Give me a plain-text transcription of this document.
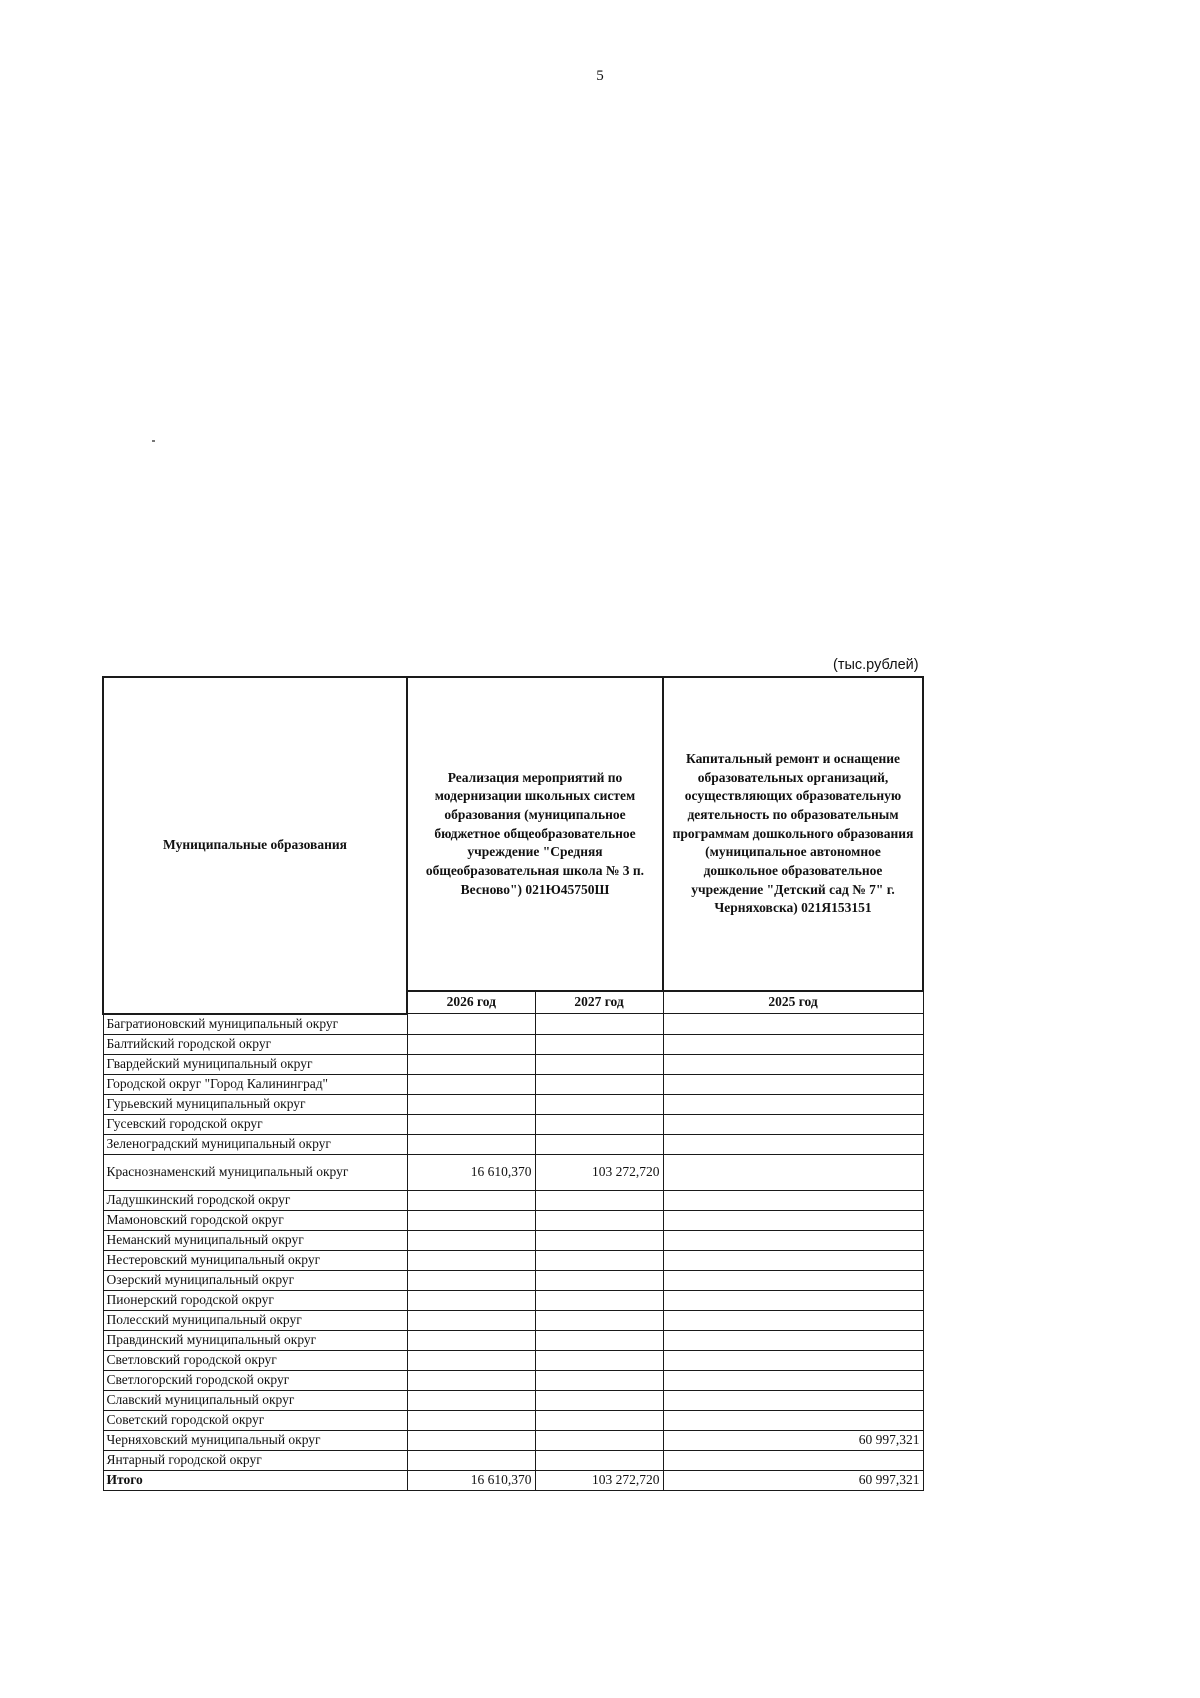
5
(тыс.рублей)
Муниципальные образования	Реализация мероприятий по модернизации школьных систем образования (муниципальное бюджетное общеобразовательное учреждение "Средняя общеобразовательная школа № 3 п. Весново") 021Ю45750Ш		Капитальный ремонт и оснащение образовательных организаций, осуществляющих образовательную деятельность по образовательным программам дошкольного образования (муниципальное автономное дошкольное образовательное учреждение "Детский сад № 7" г. Черняховска) 021Я153151

	2026 год	2027 год	2025 год
Багратионовский муниципальный округ			
Балтийский городской округ			
Гвардейский муниципальный округ			
Городской округ "Город Калининград"			
Гурьевский муниципальный округ			
Гусевский городской округ			
Зеленоградский муниципальный округ			
Краснознаменский муниципальный округ	16 610,370	103 272,720	
Ладушкинский городской округ			
Мамоновский городской округ			
Неманский муниципальный округ			
Нестеровский муниципальный округ			
Озерский муниципальный округ			
Пионерский городской округ			
Полесский муниципальный округ			
Правдинский муниципальный округ			
Светловский городской округ			
Светлогорский городской округ			
Славский муниципальный округ			
Советский городской округ			
Черняховский муниципальный округ			60 997,321
Янтарный городской округ			
Итого	16 610,370	103 272,720	60 997,321
